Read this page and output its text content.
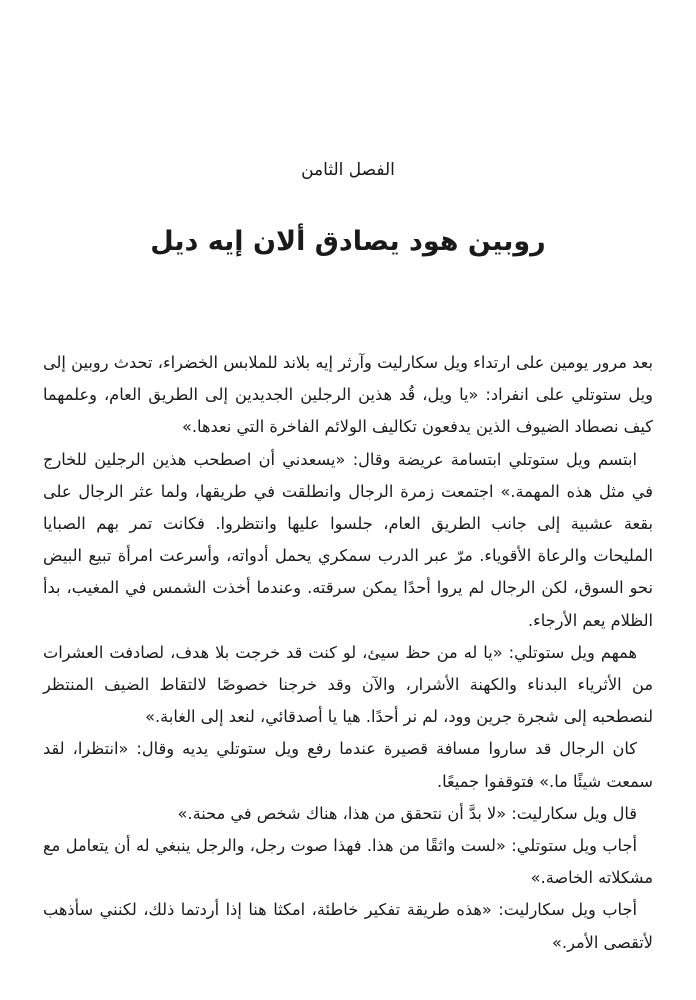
الفصل الثامن
روبين هود يصادق ألان إيه ديل

بعد مرور يومين على ارتداء ويل سكارليت وآرثر إيه بلاند للملابس الخضراء، تحدث روبين إلى ويل ستوتلي على انفراد: «يا ويل، قُد هذين الرجلين الجديدين إلى الطريق العام، وعلمهما كيف نصطاد الضيوف الذين يدفعون تكاليف الولائم الفاخرة التي نعدها.»

ابتسم ويل ستوتلي ابتسامة عريضة وقال: «يسعدني أن اصطحب هذين الرجلين للخارج في مثل هذه المهمة.» اجتمعت زمرة الرجال وانطلقت في طريقها، ولما عثر الرجال على بقعة عشبية إلى جانب الطريق العام، جلسوا عليها وانتظروا. فكانت تمر بهم الصبايا المليحات والرعاة الأقوياء. مرّ عبر الدرب سمكري يحمل أدواته، وأسرعت امرأة تبيع البيض نحو السوق، لكن الرجال لم يروا أحدًا يمكن سرقته. وعندما أخذت الشمس في المغيب، بدأ الظلام يعم الأرجاء.

همهم ويل ستوتلي: «يا له من حظ سيئ، لو كنت قد خرجت بلا هدف، لصادفت العشرات من الأثرياء البدناء والكهنة الأشرار، والآن وقد خرجنا خصوصًا لالتقاط الضيف المنتظر لنصطحبه إلى شجرة جرين وود، لم نر أحدًا. هيا يا أصدقائي، لنعد إلى الغابة.»

كان الرجال قد ساروا مسافة قصيرة عندما رفع ويل ستوتلي يديه وقال: «انتظرا، لقد سمعت شيئًا ما.» فتوقفوا جميعًا.

قال ويل سكارليت: «لا بدَّ أن نتحقق من هذا، هناك شخص في محنة.»

أجاب ويل ستوتلي: «لست واثقًا من هذا. فهذا صوت رجل، والرجل ينبغي له أن يتعامل مع مشكلاته الخاصة.»

أجاب ويل سكارليت: «هذه طريقة تفكير خاطئة، امكثا هنا إذا أردتما ذلك، لكنني سأذهب لأتقصى الأمر.»
